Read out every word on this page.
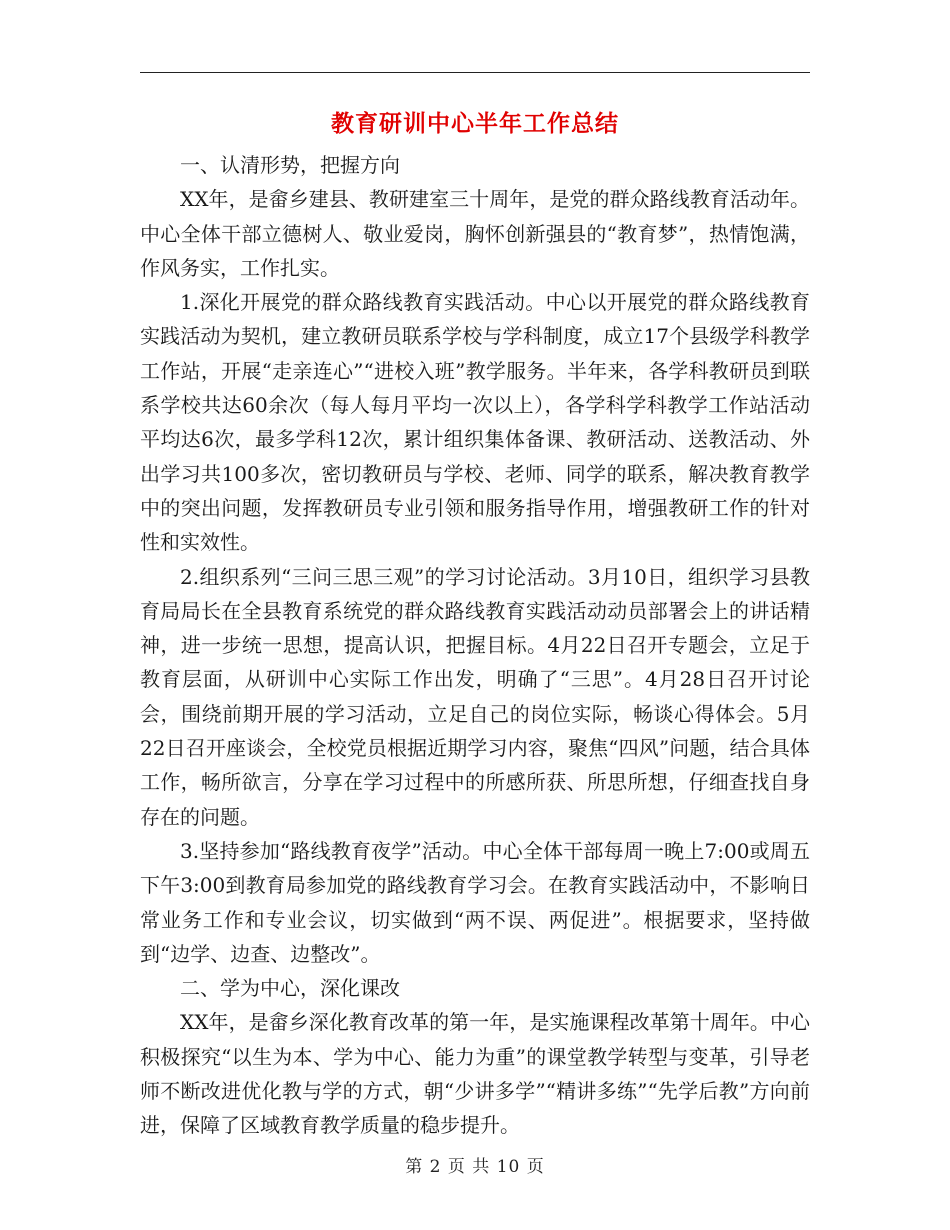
教育研训中心半年工作总结

一、认清形势，把握方向

XX年，是畲乡建县、教研建室三十周年，是党的群众路线教育活动年。中心全体干部立德树人、敬业爱岗，胸怀创新强县的“教育梦”，热情饱满，作风务实，工作扎实。

1.深化开展党的群众路线教育实践活动。中心以开展党的群众路线教育实践活动为契机，建立教研员联系学校与学科制度，成立17个县级学科教学工作站，开展“走亲连心”“进校入班”教学服务。半年来，各学科教研员到联系学校共达60余次（每人每月平均一次以上），各学科学科教学工作站活动平均达6次，最多学科12次，累计组织集体备课、教研活动、送教活动、外出学习共100多次，密切教研员与学校、老师、同学的联系，解决教育教学中的突出问题，发挥教研员专业引领和服务指导作用，增强教研工作的针对性和实效性。

2.组织系列“三问三思三观”的学习讨论活动。3月10日，组织学习县教育局局长在全县教育系统党的群众路线教育实践活动动员部署会上的讲话精神，进一步统一思想，提高认识，把握目标。4月22日召开专题会，立足于教育层面，从研训中心实际工作出发，明确了“三思”。4月28日召开讨论会，围绕前期开展的学习活动，立足自己的岗位实际，畅谈心得体会。5月22日召开座谈会，全校党员根据近期学习内容，聚焦“四风”问题，结合具体工作，畅所欲言，分享在学习过程中的所感所获、所思所想，仔细查找自身存在的问题。

3.坚持参加“路线教育夜学”活动。中心全体干部每周一晚上7:00或周五下午3:00到教育局参加党的路线教育学习会。在教育实践活动中，不影响日常业务工作和专业会议，切实做到“两不误、两促进”。根据要求，坚持做到“边学、边查、边整改”。

二、学为中心，深化课改

XX年，是畲乡深化教育改革的第一年，是实施课程改革第十周年。中心积极探究“以生为本、学为中心、能力为重”的课堂教学转型与变革，引导老师不断改进优化教与学的方式，朝“少讲多学”“精讲多练”“先学后教”方向前进，保障了区域教育教学质量的稳步提升。

第 2 页 共 10 页
